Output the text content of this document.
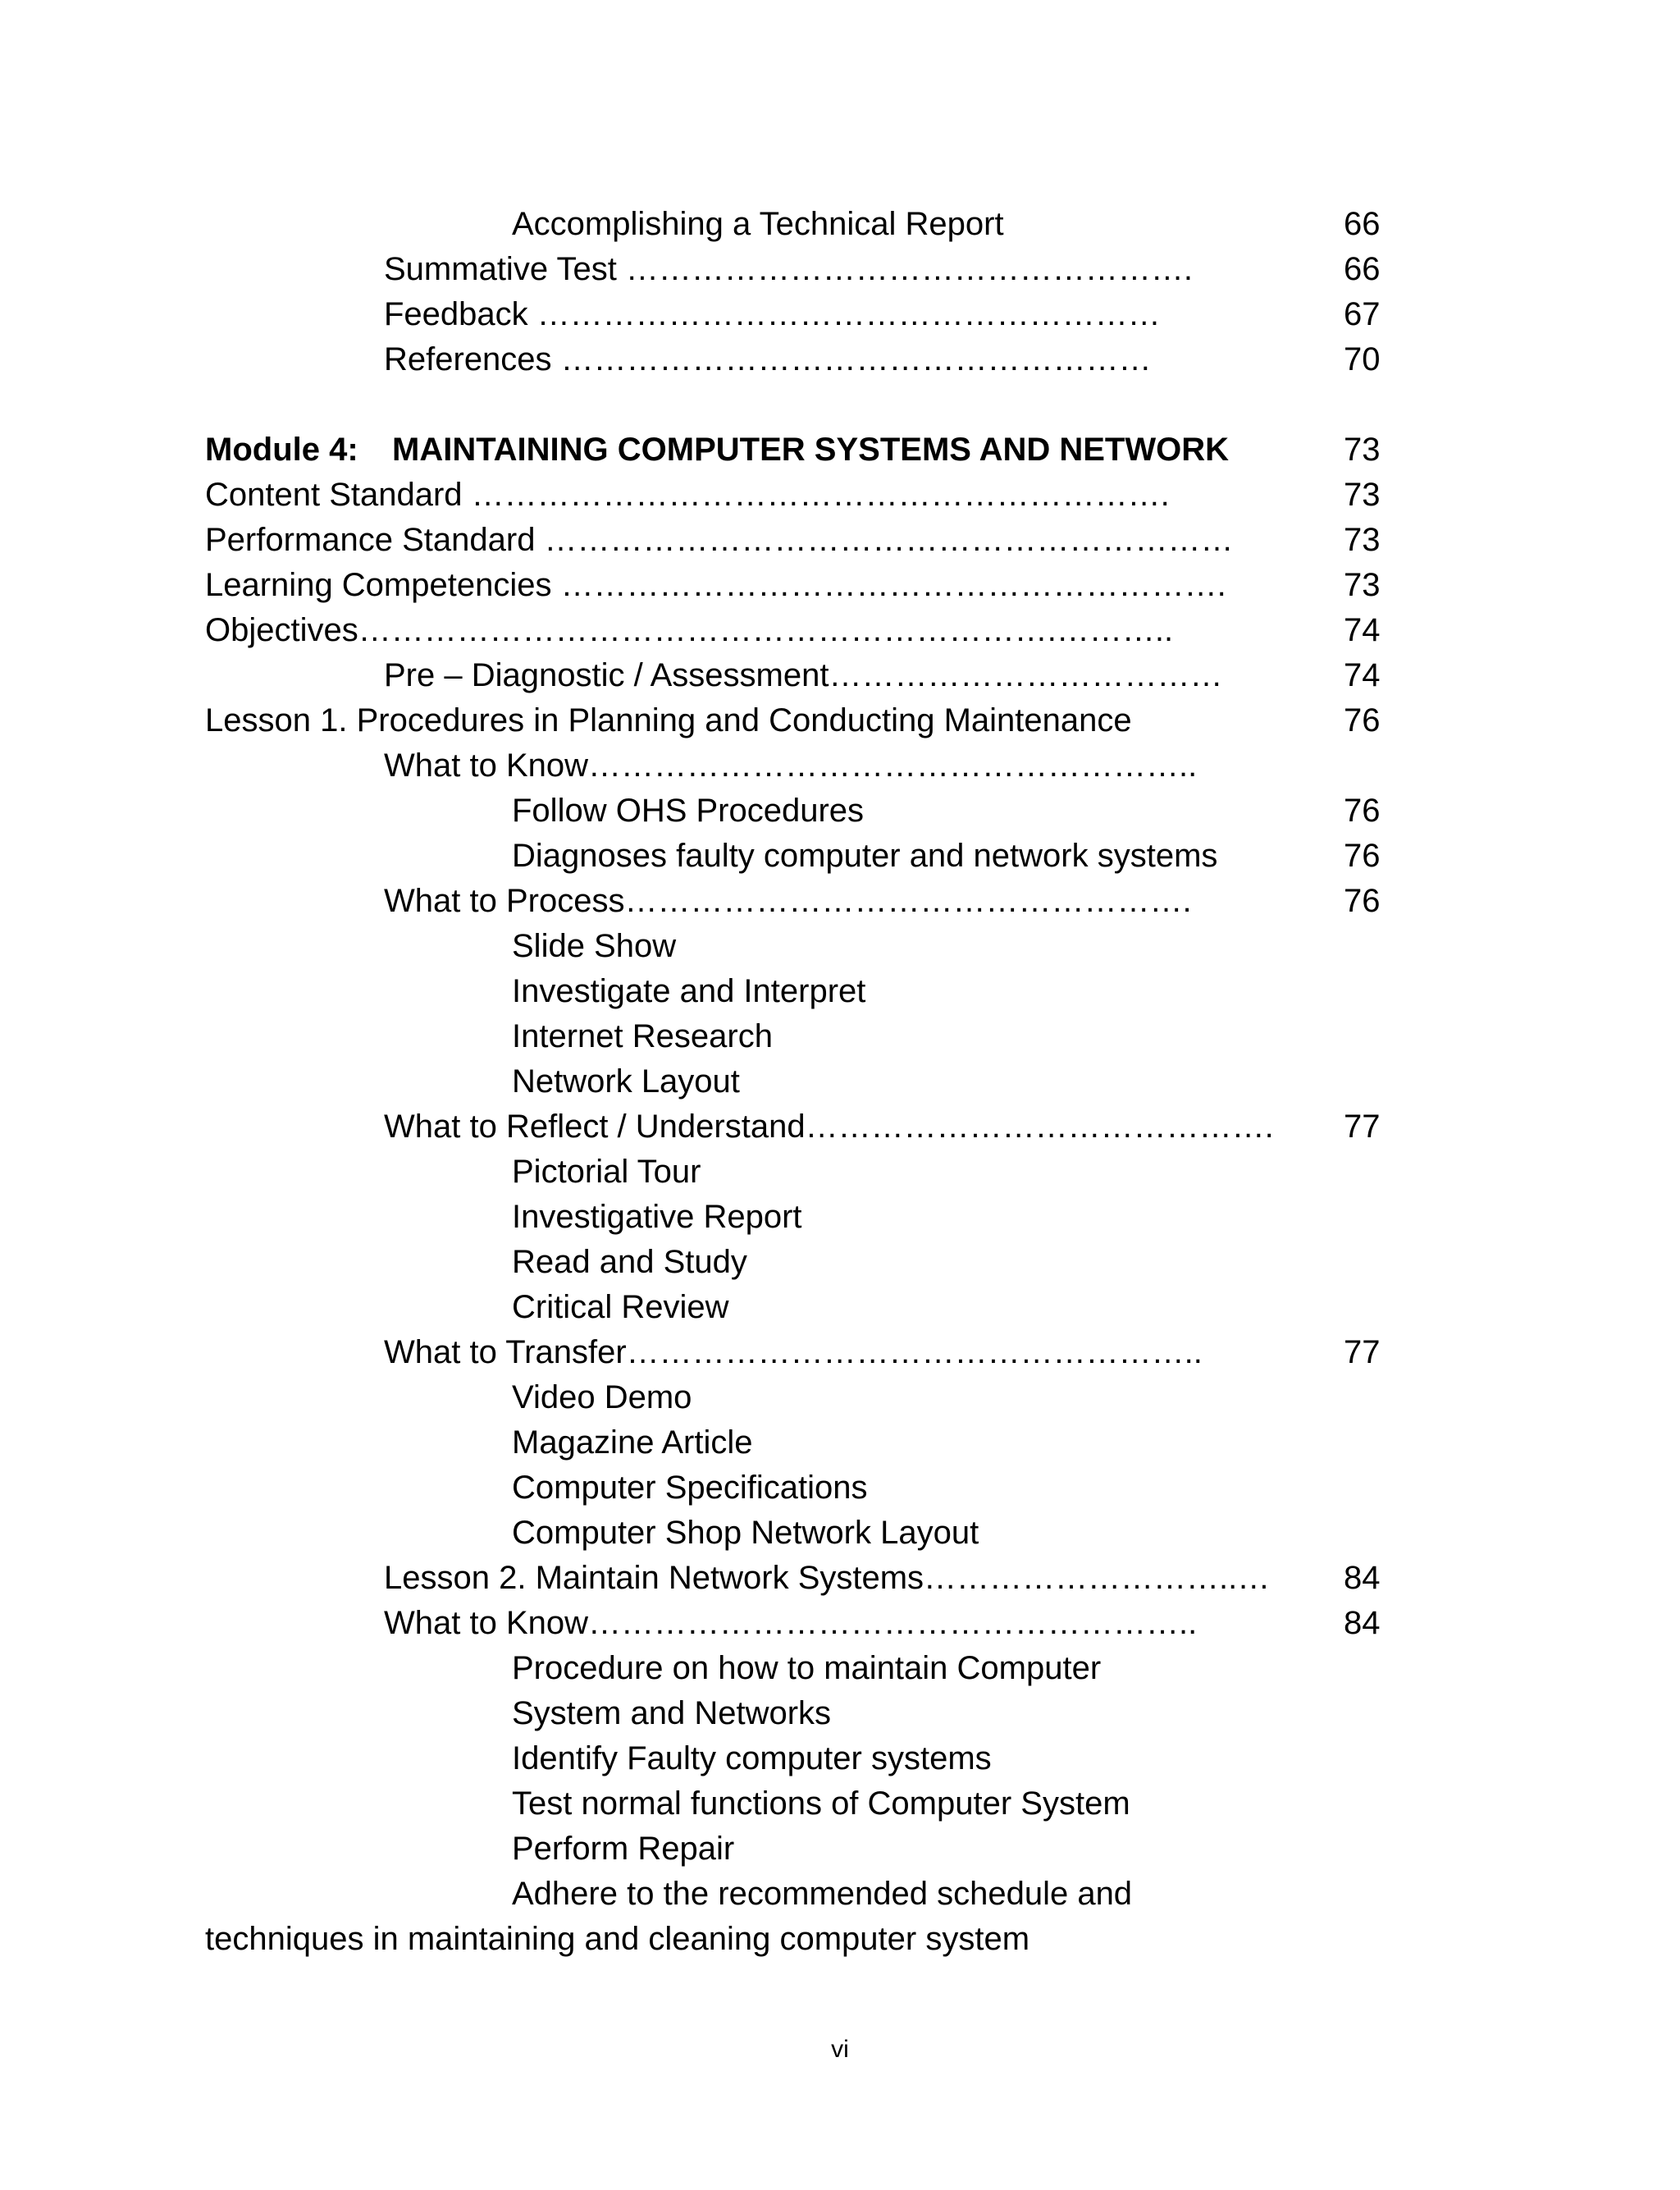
Accomplishing a Technical Report	66
Summative Test …………………………………………….	66
Feedback …………………………………………………	67
References ………………………………………………	70
Module 4: MAINTAINING COMPUTER SYSTEMS AND NETWORK	73
Content Standard ……………………………………………………….	73
Performance Standard ………………………………………………………	73
Learning Competencies …………………………………………………….	73
Objectives……………………………………………………….………..	74
Pre – Diagnostic / Assessment………………………………	74
Lesson 1. Procedures in Planning and Conducting Maintenance	76
What to Know………………………………………………..
Follow OHS Procedures	76
Diagnoses faulty computer and network systems	76
What to Process…………………………………………….	76
Slide Show
Investigate and Interpret
Internet Research
Network Layout
What to Reflect / Understand……………………………………. 77
Pictorial Tour
Investigative Report
Read and Study
Critical Review
What to Transfer……………………………………………..	77
Video Demo
Magazine Article
Computer Specifications
Computer Shop Network Layout
Lesson 2. Maintain Network Systems………………………..… 84
What to Know………………………………………………..	84
Procedure on how to maintain Computer
System and Networks
Identify Faulty computer systems
Test normal functions of Computer System
Perform Repair
Adhere to the recommended schedule and
techniques in maintaining and cleaning computer system
vi
